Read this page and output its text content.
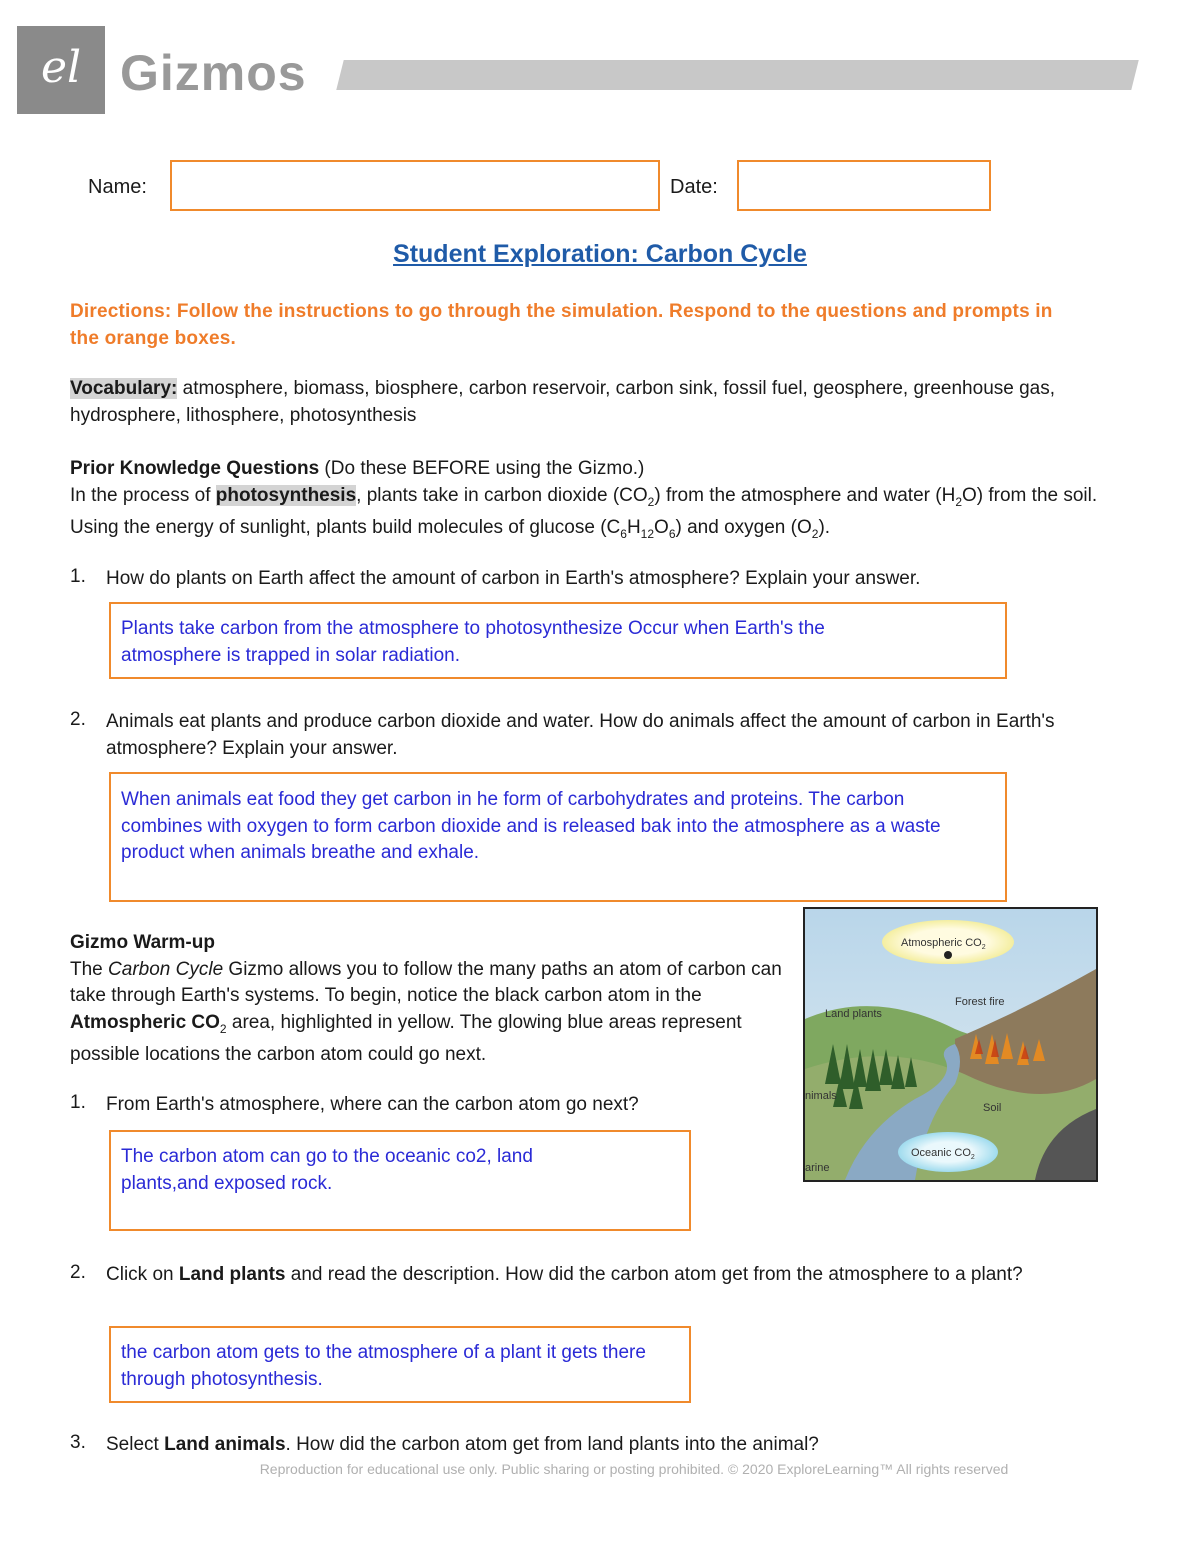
el Gizmos
Name:	Date:
Student Exploration: Carbon Cycle
Directions: Follow the instructions to go through the simulation. Respond to the questions and prompts in the orange boxes.
Vocabulary: atmosphere, biomass, biosphere, carbon reservoir, carbon sink, fossil fuel, geosphere, greenhouse gas, hydrosphere, lithosphere, photosynthesis
Prior Knowledge Questions (Do these BEFORE using the Gizmo.)
In the process of photosynthesis, plants take in carbon dioxide $(CO_2)$ from the atmosphere and water $(H_2O)$ from the soil. Using the energy of sunlight, plants build molecules of glucose $(C_6H_{12}O_6)$ and oxygen $(O_2)$.
1. How do plants on Earth affect the amount of carbon in Earth's atmosphere? Explain your answer.
Plants take carbon from the atmosphere to photosynthesize Occur when Earth's the atmosphere is trapped in solar radiation.
2. Animals eat plants and produce carbon dioxide and water. How do animals affect the amount of carbon in Earth's atmosphere? Explain your answer.
When animals eat food they get carbon in he form of carbohydrates and proteins. The carbon combines with oxygen to form carbon dioxide and is released bak into the atmosphere as a waste product when animals breathe and exhale.
Gizmo Warm-up
The Carbon Cycle Gizmo allows you to follow the many paths an atom of carbon can take through Earth's systems. To begin, notice the black carbon atom in the Atmospheric $CO_2$ area, highlighted in yellow. The glowing blue areas represent possible locations the carbon atom could go next.
Atmospheric $CO_2$
Forest fire
Land plants
nimals
Soil
Oceanic $CO_2$
arine
1. From Earth's atmosphere, where can the carbon atom go next?
The carbon atom can go to the oceanic co2, land plants,and exposed rock.
2. Click on Land plants and read the description. How did the carbon atom get from the atmosphere to a plant?
the carbon atom gets to the atmosphere of a plant it gets there through photosynthesis.
3. Select Land animals. How did the carbon atom get from land plants into the animal?
Reproduction for educational use only. Public sharing or posting prohibited. © 2020 ExploreLearning™ All rights reserved
